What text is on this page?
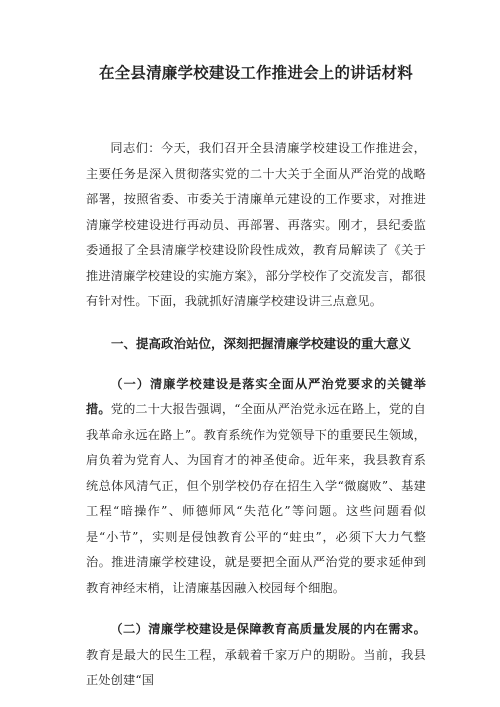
在全县清廉学校建设工作推进会上的讲话材料

同志们：今天，我们召开全县清廉学校建设工作推进会，主要任务是深入贯彻落实党的二十大关于全面从严治党的战略部署，按照省委、市委关于清廉单元建设的工作要求，对推进清廉学校建设进行再动员、再部署、再落实。刚才，县纪委监委通报了全县清廉学校建设阶段性成效，教育局解读了《关于推进清廉学校建设的实施方案》，部分学校作了交流发言，都很有针对性。下面，我就抓好清廉学校建设讲三点意见。

一、提高政治站位，深刻把握清廉学校建设的重大意义

（一）清廉学校建设是落实全面从严治党要求的关键举措。党的二十大报告强调，“全面从严治党永远在路上，党的自我革命永远在路上”。教育系统作为党领导下的重要民生领域，肩负着为党育人、为国育才的神圣使命。近年来，我县教育系统总体风清气正，但个别学校仍存在招生入学“微腐败”、基建工程“暗操作”、师德师风“失范化”等问题。这些问题看似是“小节”，实则是侵蚀教育公平的“蛀虫”，必须下大力气整治。推进清廉学校建设，就是要把全面从严治党的要求延伸到教育神经末梢，让清廉基因融入校园每个细胞。

（二）清廉学校建设是保障教育高质量发展的内在需求。教育是最大的民生工程，承载着千家万户的期盼。当前，我县正处创建“国
